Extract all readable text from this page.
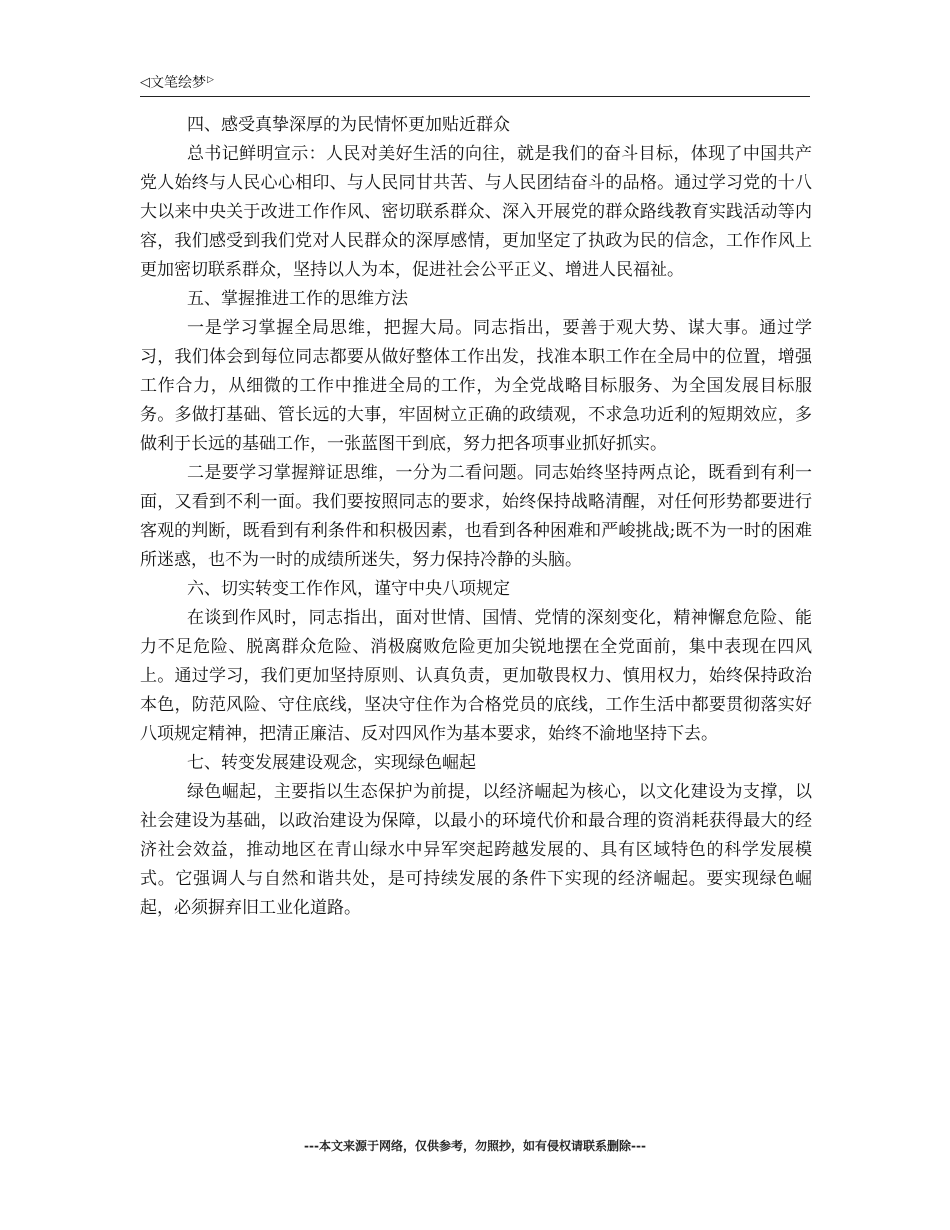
◁ 文笔绘梦 ▷

四、感受真挚深厚的为民情怀更加贴近群众

总书记鲜明宣示：人民对美好生活的向往，就是我们的奋斗目标，体现了中国共产党人始终与人民心心相印、与人民同甘共苦、与人民团结奋斗的品格。通过学习党的十八大以来中央关于改进工作作风、密切联系群众、深入开展党的群众路线教育实践活动等内容，我们感受到我们党对人民群众的深厚感情，更加坚定了执政为民的信念，工作作风上更加密切联系群众，坚持以人为本，促进社会公平正义、增进人民福祉。

五、掌握推进工作的思维方法

一是学习掌握全局思维，把握大局。同志指出，要善于观大势、谋大事。通过学习，我们体会到每位同志都要从做好整体工作出发，找准本职工作在全局中的位置，增强工作合力，从细微的工作中推进全局的工作，为全党战略目标服务、为全国发展目标服务。多做打基础、管长远的大事，牢固树立正确的政绩观，不求急功近利的短期效应，多做利于长远的基础工作，一张蓝图干到底，努力把各项事业抓好抓实。

二是要学习掌握辩证思维，一分为二看问题。同志始终坚持两点论，既看到有利一面，又看到不利一面。我们要按照同志的要求，始终保持战略清醒，对任何形势都要进行客观的判断，既看到有利条件和积极因素，也看到各种困难和严峻挑战;既不为一时的困难所迷惑，也不为一时的成绩所迷失，努力保持冷静的头脑。

六、切实转变工作作风，谨守中央八项规定

在谈到作风时，同志指出，面对世情、国情、党情的深刻变化，精神懈怠危险、能力不足危险、脱离群众危险、消极腐败危险更加尖锐地摆在全党面前，集中表现在四风上。通过学习，我们更加坚持原则、认真负责，更加敬畏权力、慎用权力，始终保持政治本色，防范风险、守住底线，坚决守住作为合格党员的底线，工作生活中都要贯彻落实好八项规定精神，把清正廉洁、反对四风作为基本要求，始终不渝地坚持下去。

七、转变发展建设观念，实现绿色崛起

绿色崛起，主要指以生态保护为前提，以经济崛起为核心，以文化建设为支撑，以社会建设为基础，以政治建设为保障，以最小的环境代价和最合理的资消耗获得最大的经济社会效益，推动地区在青山绿水中异军突起跨越发展的、具有区域特色的科学发展模式。它强调人与自然和谐共处，是可持续发展的条件下实现的经济崛起。要实现绿色崛起，必须摒弃旧工业化道路。

---本文来源于网络，仅供参考，勿照抄，如有侵权请联系删除---
